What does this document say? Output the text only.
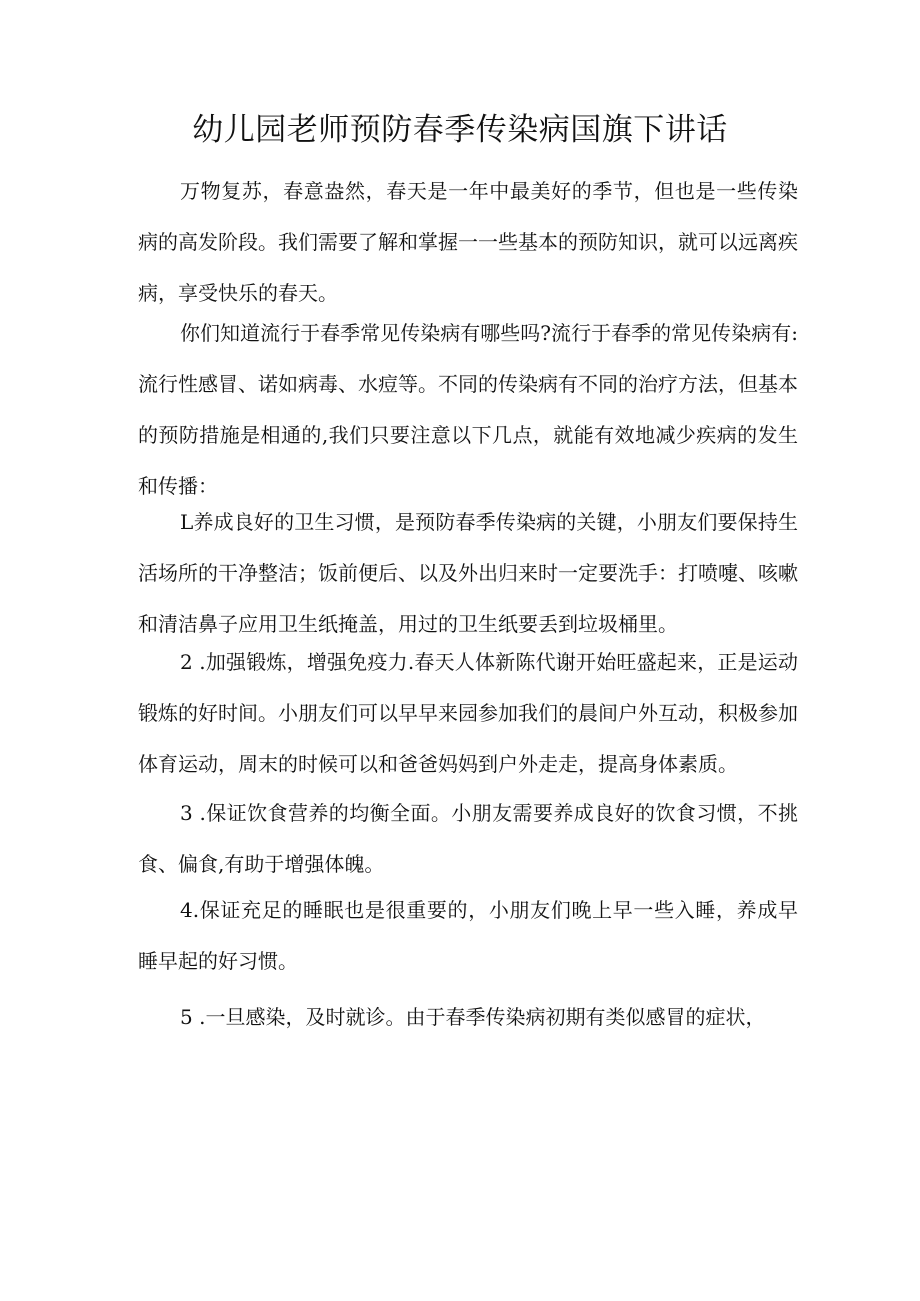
幼儿园老师预防春季传染病国旗下讲话
万物复苏，春意盎然，春天是一年中最美好的季节，但也是一些传染病的高发阶段。我们需要了解和掌握一一些基本的预防知识，就可以远离疾病，享受快乐的春天。
你们知道流行于春季常见传染病有哪些吗?流行于春季的常见传染病有:流行性感冒、诺如病毒、水痘等。不同的传染病有不同的治疗方法，但基本的预防措施是相通的,我们只要注意以下几点，就能有效地减少疾病的发生和传播：
L养成良好的卫生习惯，是预防春季传染病的关键，小朋友们要保持生活场所的干净整洁；饭前便后、以及外出归来时一定要洗手：打喷嚏、咳嗽和清洁鼻子应用卫生纸掩盖，用过的卫生纸要丢到垃圾桶里。
2 .加强锻炼，增强免疫力.春天人体新陈代谢开始旺盛起来，正是运动锻炼的好时间。小朋友们可以早早来园参加我们的晨间户外互动，积极参加体育运动，周末的时候可以和爸爸妈妈到户外走走，提高身体素质。
3 .保证饮食营养的均衡全面。小朋友需要养成良好的饮食习惯，不挑食、偏食,有助于增强体魄。
4.保证充足的睡眠也是很重要的，小朋友们晚上早一些入睡，养成早睡早起的好习惯。
5 .一旦感染，及时就诊。由于春季传染病初期有类似感冒的症状，
